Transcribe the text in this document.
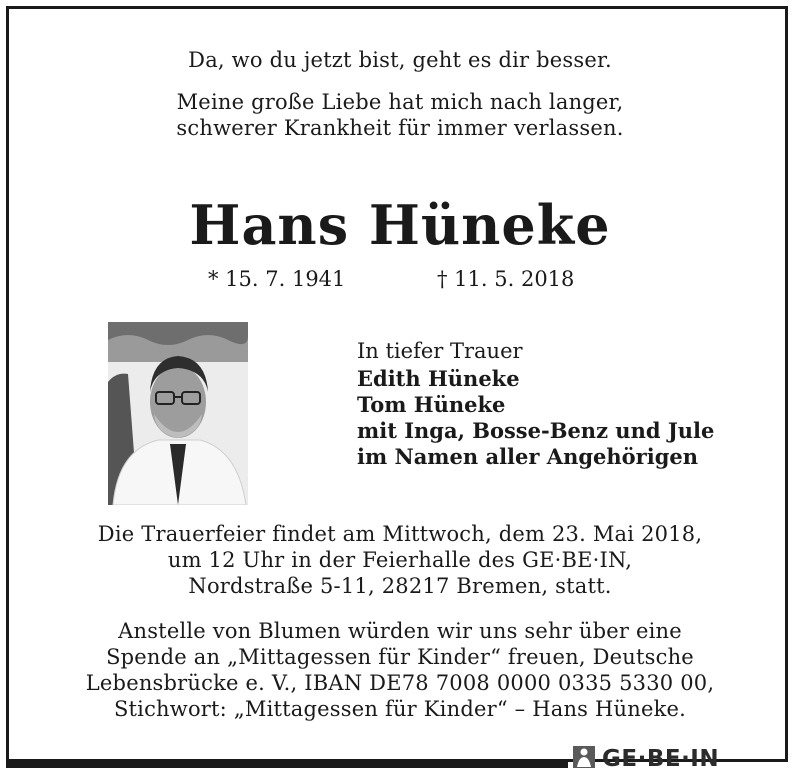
Da, wo du jetzt bist, geht es dir besser.
Meine große Liebe hat mich nach langer,
schwerer Krankheit für immer verlassen.
Hans Hüneke
* 15. 7. 1941	† 11. 5. 2018
In tiefer Trauer
Edith Hüneke
Tom Hüneke
mit Inga, Bosse-Benz und Jule
im Namen aller Angehörigen
Die Trauerfeier findet am Mittwoch, dem 23. Mai 2018,
um 12 Uhr in der Feierhalle des GE·BE·IN,
Nordstraße 5-11, 28217 Bremen, statt.
Anstelle von Blumen würden wir uns sehr über eine
Spende an „Mittagessen für Kinder“ freuen, Deutsche
Lebensbrücke e. V., IBAN DE78 7008 0000 0335 5330 00,
Stichwort: „Mittagessen für Kinder“ – Hans Hüneke.
GE·BE·IN
